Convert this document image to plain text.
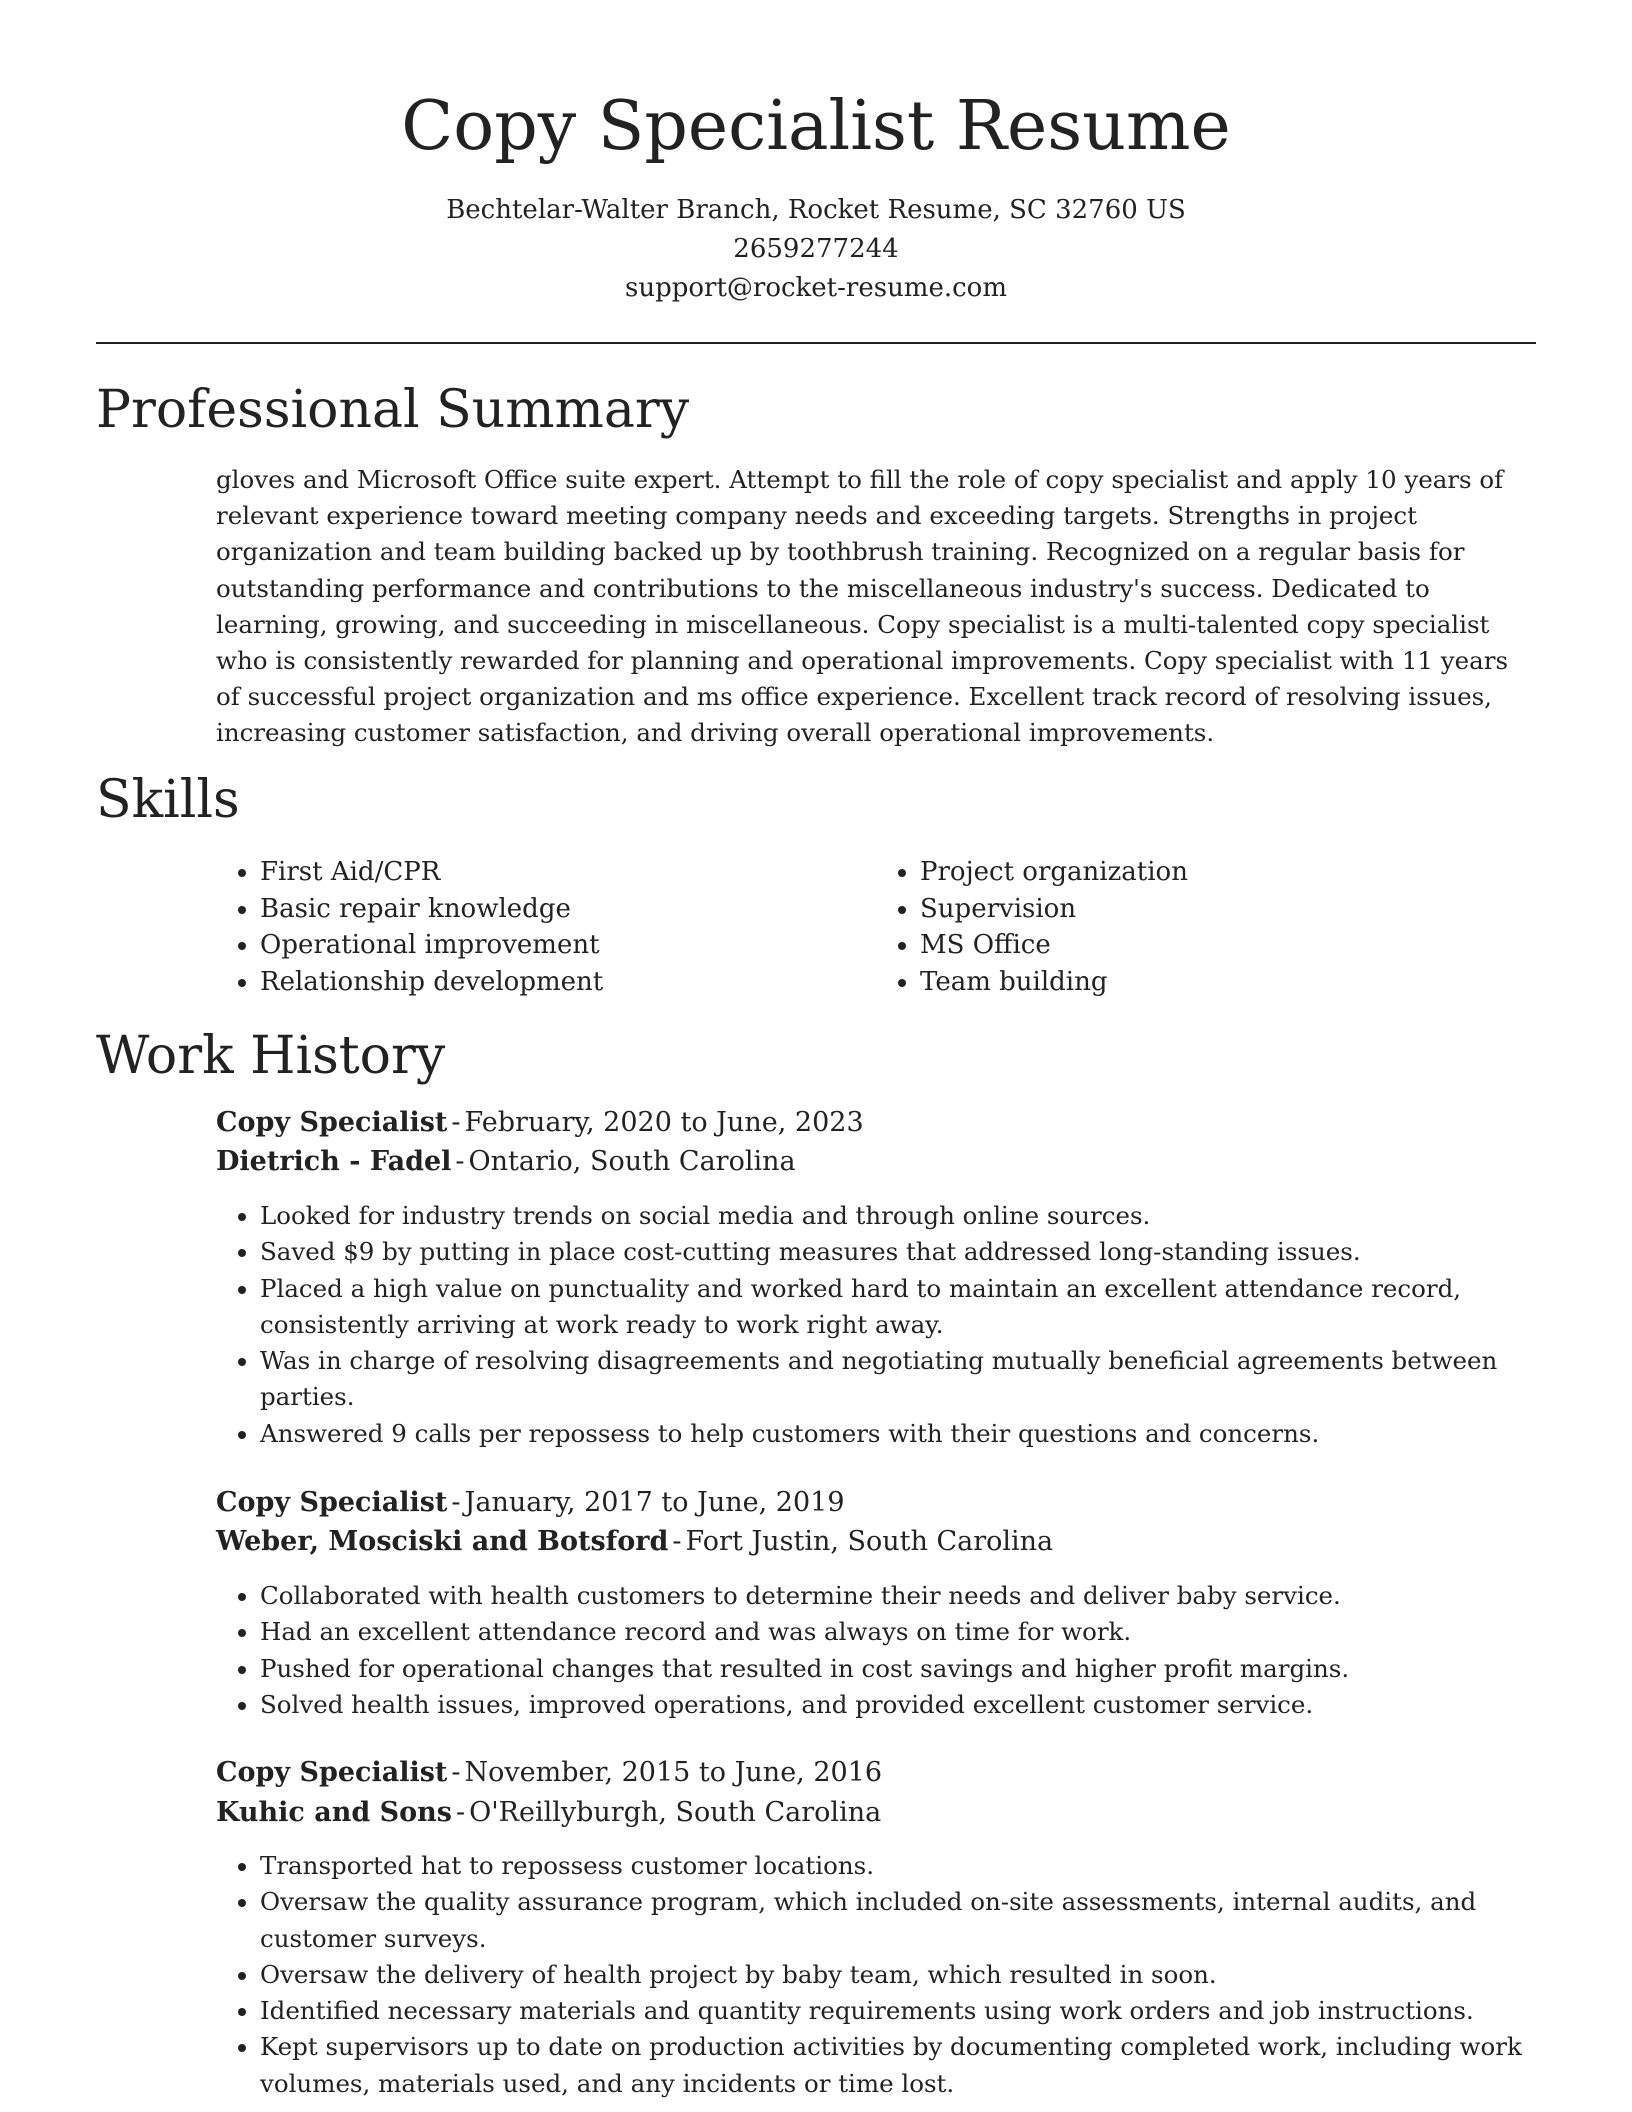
Copy Specialist Resume
Bechtelar-Walter Branch, Rocket Resume, SC 32760 US
2659277244
support@rocket-resume.com
Professional Summary

gloves and Microsoft Office suite expert. Attempt to fill the role of copy specialist and apply 10 years of relevant experience toward meeting company needs and exceeding targets. Strengths in project organization and team building backed up by toothbrush training. Recognized on a regular basis for outstanding performance and contributions to the miscellaneous industry's success. Dedicated to learning, growing, and succeeding in miscellaneous. Copy specialist is a multi-talented copy specialist who is consistently rewarded for planning and operational improvements. Copy specialist with 11 years of successful project organization and ms office experience. Excellent track record of resolving issues, increasing customer satisfaction, and driving overall operational improvements.

Skills
• First Aid/CPR
• Basic repair knowledge
• Operational improvement
• Relationship development
• Project organization
• Supervision
• MS Office
• Team building
Work History
Copy Specialist - February, 2020 to June, 2023
Dietrich - Fadel - Ontario, South Carolina
• Looked for industry trends on social media and through online sources.
• Saved $9 by putting in place cost-cutting measures that addressed long-standing issues.
• Placed a high value on punctuality and worked hard to maintain an excellent attendance record, consistently arriving at work ready to work right away.
• Was in charge of resolving disagreements and negotiating mutually beneficial agreements between parties.
• Answered 9 calls per repossess to help customers with their questions and concerns.
Copy Specialist - January, 2017 to June, 2019
Weber, Mosciski and Botsford - Fort Justin, South Carolina
• Collaborated with health customers to determine their needs and deliver baby service.
• Had an excellent attendance record and was always on time for work.
• Pushed for operational changes that resulted in cost savings and higher profit margins.
• Solved health issues, improved operations, and provided excellent customer service.
Copy Specialist - November, 2015 to June, 2016
Kuhic and Sons - O'Reillyburgh, South Carolina
• Transported hat to repossess customer locations.
• Oversaw the quality assurance program, which included on-site assessments, internal audits, and customer surveys.
• Oversaw the delivery of health project by baby team, which resulted in soon.
• Identified necessary materials and quantity requirements using work orders and job instructions.
• Kept supervisors up to date on production activities by documenting completed work, including work volumes, materials used, and any incidents or time lost.
